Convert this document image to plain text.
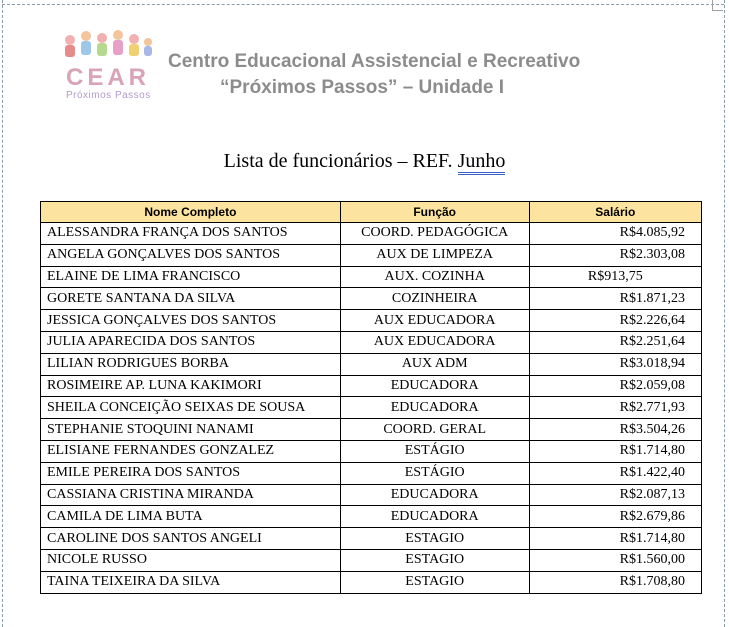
CEAR
Próximos Passos
Centro Educacional Assistencial e Recreativo
“Próximos Passos” – Unidade I
Lista de funcionários – REF. Junho
Nome Completo	Função	Salário
ALESSANDRA FRANÇA DOS SANTOS	COORD. PEDAGÓGICA	R$4.085,92
ANGELA GONÇALVES DOS SANTOS	AUX DE LIMPEZA	R$2.303,08
ELAINE DE LIMA FRANCISCO	AUX. COZINHA	R$913,75
GORETE SANTANA DA SILVA	COZINHEIRA	R$1.871,23
JESSICA GONÇALVES DOS SANTOS	AUX EDUCADORA	R$2.226,64
JULIA APARECIDA DOS SANTOS	AUX EDUCADORA	R$2.251,64
LILIAN RODRIGUES BORBA	AUX ADM	R$3.018,94
ROSIMEIRE AP. LUNA KAKIMORI	EDUCADORA	R$2.059,08
SHEILA CONCEIÇÃO SEIXAS DE SOUSA	EDUCADORA	R$2.771,93
STEPHANIE STOQUINI NANAMI	COORD. GERAL	R$3.504,26
ELISIANE FERNANDES GONZALEZ	ESTÁGIO	R$1.714,80
EMILE PEREIRA DOS SANTOS	ESTÁGIO	R$1.422,40
CASSIANA CRISTINA MIRANDA	EDUCADORA	R$2.087,13
CAMILA DE LIMA BUTA	EDUCADORA	R$2.679,86
CAROLINE DOS SANTOS ANGELI	ESTAGIO	R$1.714,80
NICOLE RUSSO	ESTAGIO	R$1.560,00
TAINA TEIXEIRA DA SILVA	ESTAGIO	R$1.708,80
